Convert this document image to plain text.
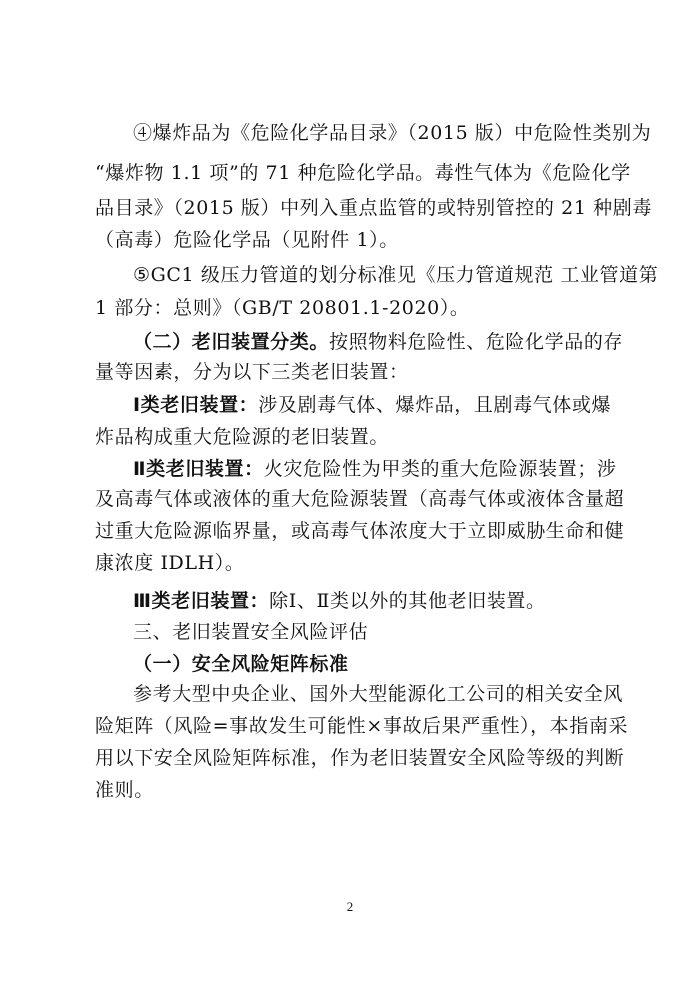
④爆炸品为《危险化学品目录》（2015 版）中危险性类别为
“爆炸物 1.1 项”的 71 种危险化学品。毒性气体为《危险化学
品目录》（2015 版）中列入重点监管的或特别管控的 21 种剧毒
（高毒）危险化学品（见附件 1）。
⑤GC1 级压力管道的划分标准见《压力管道规范 工业管道第
1 部分：总则》（GB/T 20801.1-2020）。
（二）老旧装置分类。按照物料危险性、危险化学品的存
量等因素，分为以下三类老旧装置：
Ⅰ类老旧装置：涉及剧毒气体、爆炸品，且剧毒气体或爆
炸品构成重大危险源的老旧装置。
Ⅱ类老旧装置：火灾危险性为甲类的重大危险源装置；涉
及高毒气体或液体的重大危险源装置（高毒气体或液体含量超
过重大危险源临界量，或高毒气体浓度大于立即威胁生命和健
康浓度 IDLH）。
Ⅲ类老旧装置：除Ⅰ、Ⅱ类以外的其他老旧装置。
三、老旧装置安全风险评估
（一）安全风险矩阵标准
参考大型中央企业、国外大型能源化工公司的相关安全风
险矩阵（风险=事故发生可能性×事故后果严重性），本指南采
用以下安全风险矩阵标准，作为老旧装置安全风险等级的判断
准则。
2
